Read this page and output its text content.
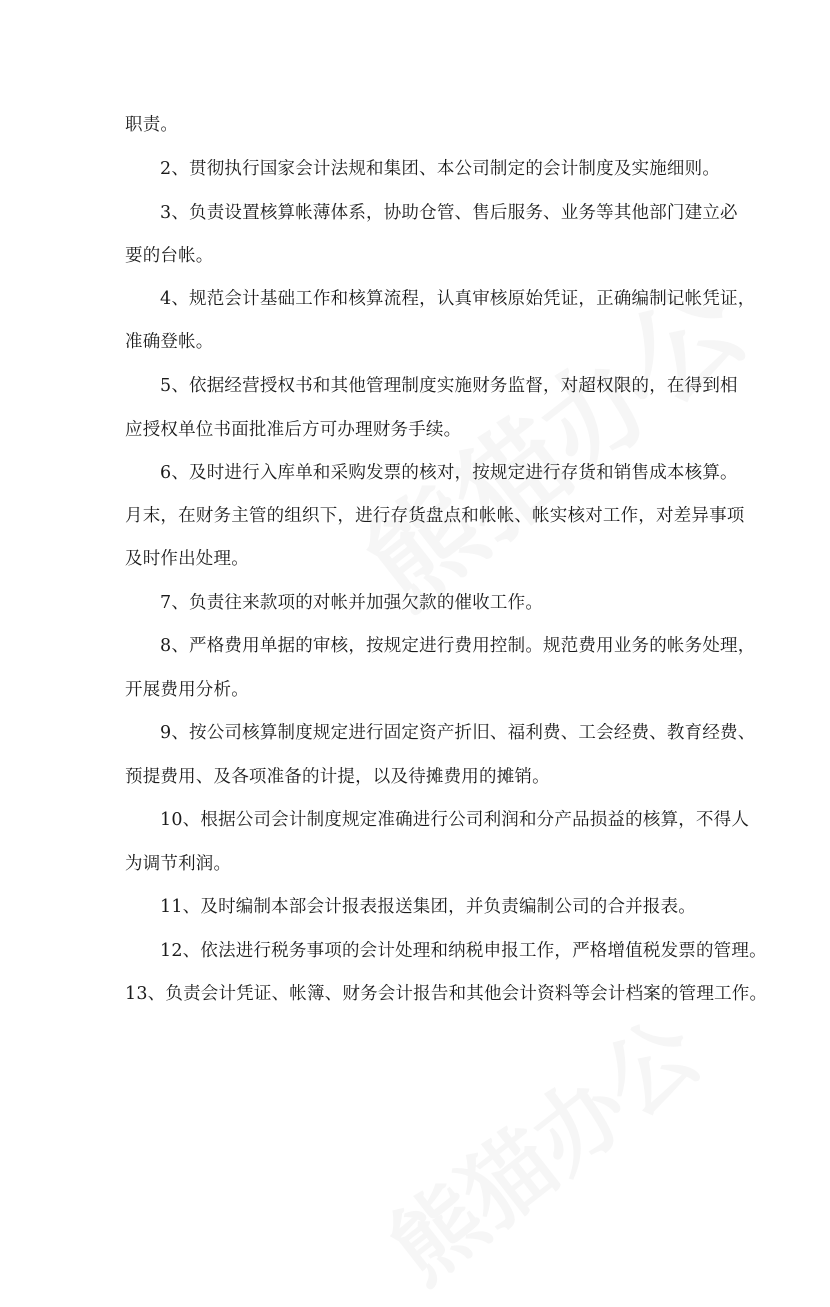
职责。
2、贯彻执行国家会计法规和集团、本公司制定的会计制度及实施细则。
3、负责设置核算帐薄体系，协助仓管、售后服务、业务等其他部门建立必
要的台帐。
4、规范会计基础工作和核算流程，认真审核原始凭证，正确编制记帐凭证，
准确登帐。
5、依据经营授权书和其他管理制度实施财务监督，对超权限的，在得到相
应授权单位书面批准后方可办理财务手续。
6、及时进行入库单和采购发票的核对，按规定进行存货和销售成本核算。
月末，在财务主管的组织下，进行存货盘点和帐帐、帐实核对工作，对差异事项
及时作出处理。
7、负责往来款项的对帐并加强欠款的催收工作。
8、严格费用单据的审核，按规定进行费用控制。规范费用业务的帐务处理，
开展费用分析。
9、按公司核算制度规定进行固定资产折旧、福利费、工会经费、教育经费、
预提费用、及各项准备的计提，以及待摊费用的摊销。
10、根据公司会计制度规定准确进行公司利润和分产品损益的核算，不得人
为调节利润。
11、及时编制本部会计报表报送集团，并负责编制公司的合并报表。
12、依法进行税务事项的会计处理和纳税申报工作，严格增值税发票的管理。
13、负责会计凭证、帐簿、财务会计报告和其他会计资料等会计档案的管理工作。
